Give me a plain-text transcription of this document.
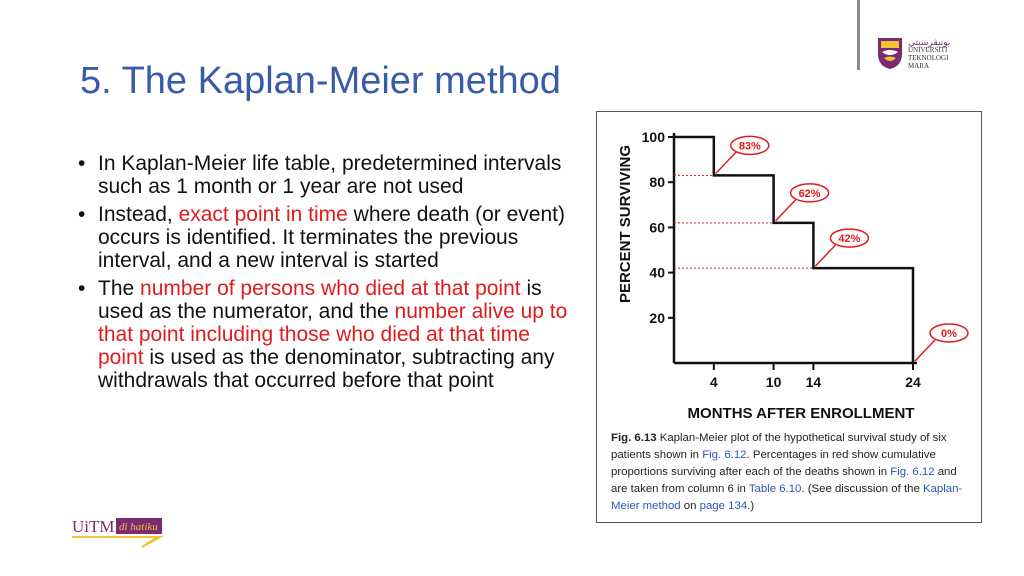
ﻳﻮﻧﻴﭭﺮﺳﻴﺘﻲ
UNIVERSITI
TEKNOLOGI
MARA
5. The Kaplan-Meier method
• In Kaplan-Meier life table, predetermined intervals such as 1 month or 1 year are not used
• Instead, exact point in time where death (or event) occurs is identified. It terminates the previous interval, and a new interval is started
• The number of persons who died at that point is used as the numerator, and the number alive up to that point including those who died at that time point is used as the denominator, subtracting any withdrawals that occurred before that point
UiTM di hatiku
PERCENT SURVIVING
MONTHS AFTER ENROLLMENT
20
40
60
80
100
4	10 14	24
83%
62%
42%
0%
Fig. 6.13 Kaplan-Meier plot of the hypothetical survival study of six patients shown in Fig. 6.12. Percentages in red show cumulative proportions surviving after each of the deaths shown in Fig. 6.12 and are taken from column 6 in Table 6.10. (See discussion of the Kaplan-Meier method on page 134.)
